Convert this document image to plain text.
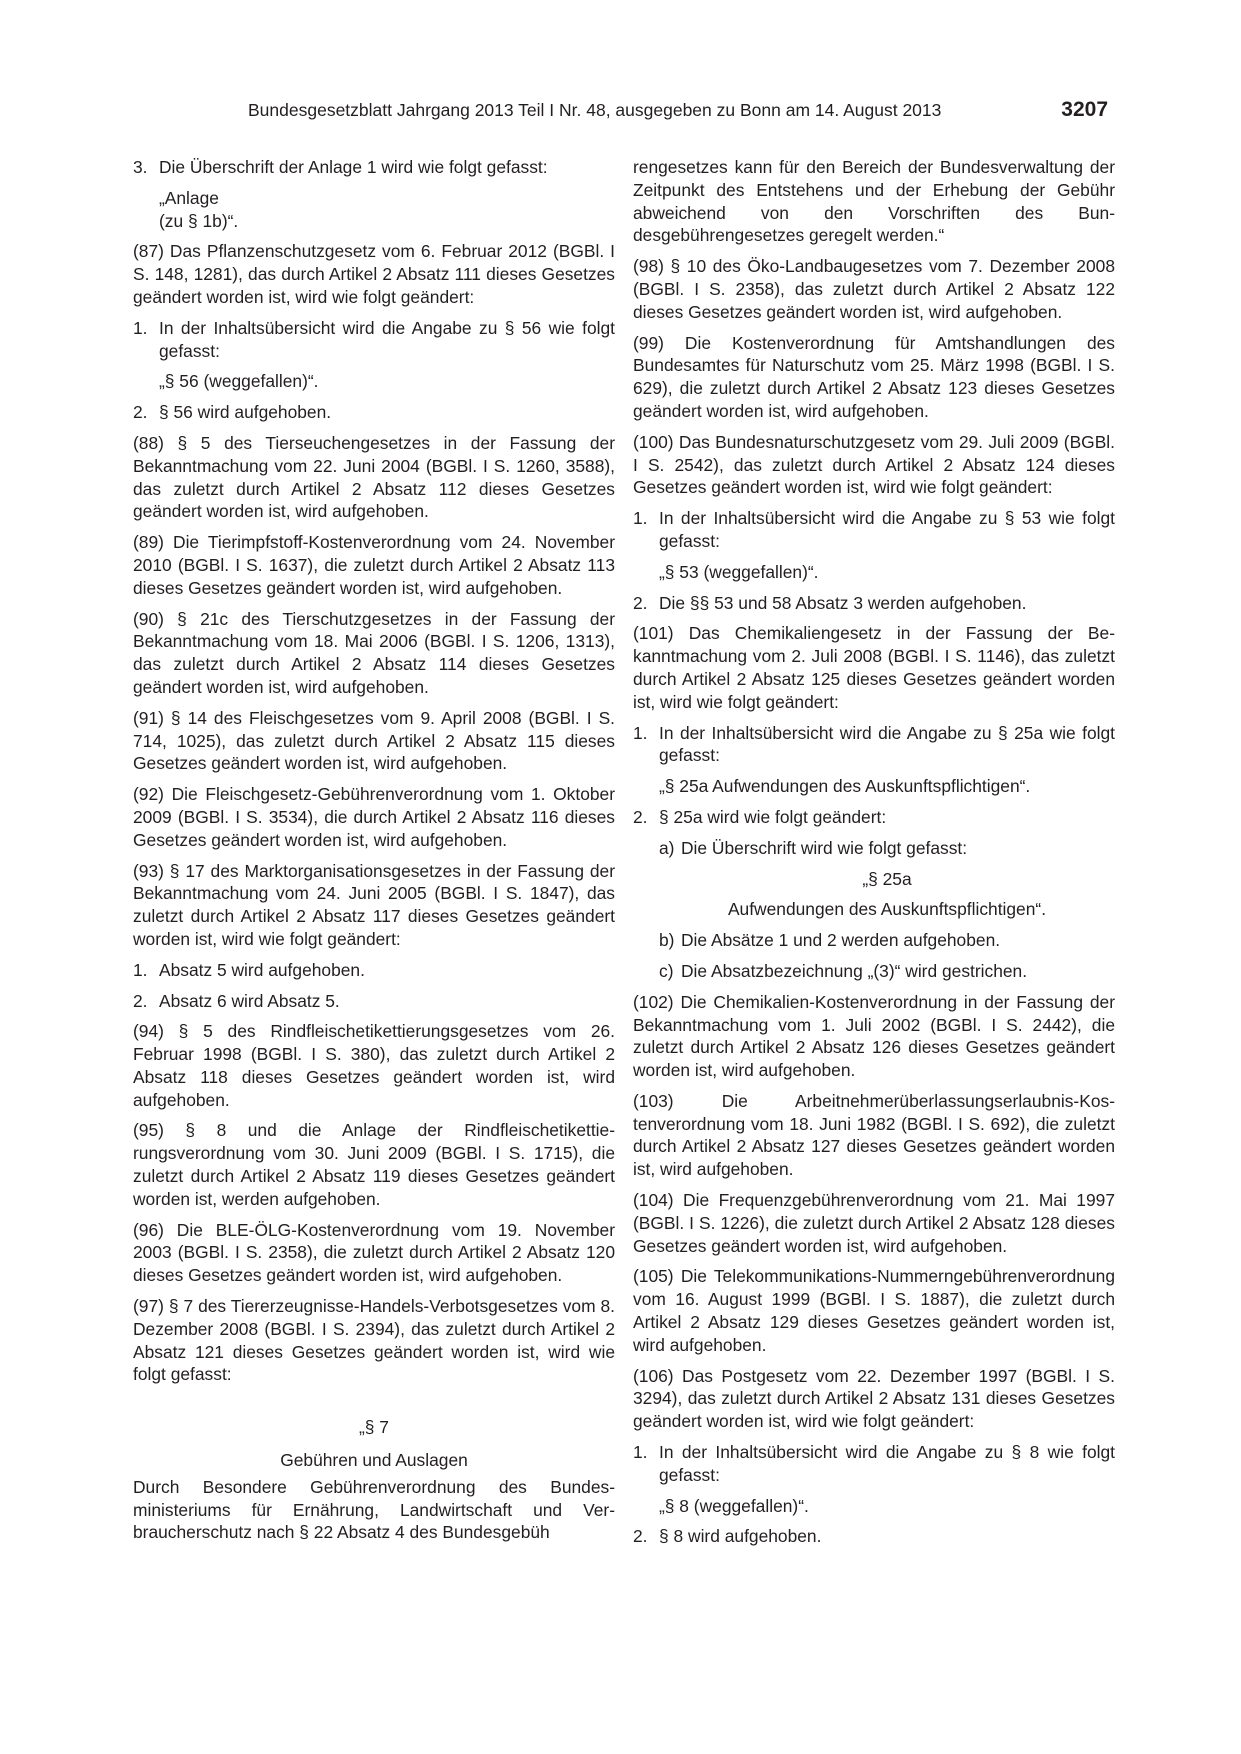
Bundesgesetzblatt Jahrgang 2013 Teil I Nr. 48, ausgegeben zu Bonn am 14. August 2013	3207

3. Die Überschrift der Anlage 1 wird wie folgt gefasst:

„Anlage

(zu § 1b)“.

(87) Das Pflanzenschutzgesetz vom 6. Februar 2012 (BGBl. I S. 148, 1281), das durch Artikel 2 Absatz 111 dieses Gesetzes geändert worden ist, wird wie folgt geändert:

1. In der Inhaltsübersicht wird die Angabe zu § 56 wie folgt gefasst:

„§ 56 (weggefallen)“.

2. § 56 wird aufgehoben.

(88) § 5 des Tierseuchengesetzes in der Fassung der Bekanntmachung vom 22. Juni 2004 (BGBl. I S. 1260, 3588), das zuletzt durch Artikel 2 Absatz 112 dieses Gesetzes geändert worden ist, wird aufgehoben.

(89) Die Tierimpfstoff-Kostenverordnung vom 24. November 2010 (BGBl. I S. 1637), die zuletzt durch Artikel 2 Absatz 113 dieses Gesetzes geändert worden ist, wird aufgehoben.

(90) § 21c des Tierschutzgesetzes in der Fassung der Bekanntmachung vom 18. Mai 2006 (BGBl. I S. 1206, 1313), das zuletzt durch Artikel 2 Absatz 114 dieses Gesetzes geändert worden ist, wird aufgehoben.

(91) § 14 des Fleischgesetzes vom 9. April 2008 (BGBl. I S. 714, 1025), das zuletzt durch Artikel 2 Absatz 115 dieses Gesetzes geändert worden ist, wird aufgehoben.

(92) Die Fleischgesetz-Gebührenverordnung vom 1. Oktober 2009 (BGBl. I S. 3534), die durch Artikel 2 Absatz 116 dieses Gesetzes geändert worden ist, wird aufgehoben.

(93) § 17 des Marktorganisationsgesetzes in der Fassung der Bekanntmachung vom 24. Juni 2005 (BGBl. I S. 1847), das zuletzt durch Artikel 2 Absatz 117 dieses Gesetzes geändert worden ist, wird wie folgt geändert:

1. Absatz 5 wird aufgehoben.

2. Absatz 6 wird Absatz 5.

(94) § 5 des Rindfleischetikettierungsgesetzes vom 26. Februar 1998 (BGBl. I S. 380), das zuletzt durch Artikel 2 Absatz 118 dieses Gesetzes geändert worden ist, wird aufgehoben.

(95) § 8 und die Anlage der Rindfleischetikettierungsverordnung vom 30. Juni 2009 (BGBl. I S. 1715), die zuletzt durch Artikel 2 Absatz 119 dieses Gesetzes geändert worden ist, werden aufgehoben.

(96) Die BLE-ÖLG-Kostenverordnung vom 19. November 2003 (BGBl. I S. 2358), die zuletzt durch Artikel 2 Absatz 120 dieses Gesetzes geändert worden ist, wird aufgehoben.

(97) § 7 des Tiererzeugnisse-Handels-Verbotsgesetzes vom 8. Dezember 2008 (BGBl. I S. 2394), das zuletzt durch Artikel 2 Absatz 121 dieses Gesetzes geändert worden ist, wird wie folgt gefasst:

„§ 7

Gebühren und Auslagen

Durch Besondere Gebührenverordnung des Bundesministeriums für Ernährung, Landwirtschaft und Verbraucherschutz nach § 22 Absatz 4 des Bundesgebüh

rengesetzes kann für den Bereich der Bundesverwaltung der Zeitpunkt des Entstehens und der Erhebung der Gebühr abweichend von den Vorschriften des Bundesgebührengesetzes geregelt werden.“

(98) § 10 des Öko-Landbaugesetzes vom 7. Dezember 2008 (BGBl. I S. 2358), das zuletzt durch Artikel 2 Absatz 122 dieses Gesetzes geändert worden ist, wird aufgehoben.

(99) Die Kostenverordnung für Amtshandlungen des Bundesamtes für Naturschutz vom 25. März 1998 (BGBl. I S. 629), die zuletzt durch Artikel 2 Absatz 123 dieses Gesetzes geändert worden ist, wird aufgehoben.

(100) Das Bundesnaturschutzgesetz vom 29. Juli 2009 (BGBl. I S. 2542), das zuletzt durch Artikel 2 Absatz 124 dieses Gesetzes geändert worden ist, wird wie folgt geändert:

1. In der Inhaltsübersicht wird die Angabe zu § 53 wie folgt gefasst:

„§ 53 (weggefallen)“.

2. Die §§ 53 und 58 Absatz 3 werden aufgehoben.

(101) Das Chemikaliengesetz in der Fassung der Bekanntmachung vom 2. Juli 2008 (BGBl. I S. 1146), das zuletzt durch Artikel 2 Absatz 125 dieses Gesetzes geändert worden ist, wird wie folgt geändert:

1. In der Inhaltsübersicht wird die Angabe zu § 25a wie folgt gefasst:

„§ 25a Aufwendungen des Auskunftspflichtigen“.

2. § 25a wird wie folgt geändert:

a) Die Überschrift wird wie folgt gefasst:

„§ 25a

Aufwendungen des Auskunftspflichtigen“.

b) Die Absätze 1 und 2 werden aufgehoben.

c) Die Absatzbezeichnung „(3)“ wird gestrichen.

(102) Die Chemikalien-Kostenverordnung in der Fassung der Bekanntmachung vom 1. Juli 2002 (BGBl. I S. 2442), die zuletzt durch Artikel 2 Absatz 126 dieses Gesetzes geändert worden ist, wird aufgehoben.

(103) Die Arbeitnehmerüberlassungserlaubnis-Kostenverordnung vom 18. Juni 1982 (BGBl. I S. 692), die zuletzt durch Artikel 2 Absatz 127 dieses Gesetzes geändert worden ist, wird aufgehoben.

(104) Die Frequenzgebührenverordnung vom 21. Mai 1997 (BGBl. I S. 1226), die zuletzt durch Artikel 2 Absatz 128 dieses Gesetzes geändert worden ist, wird aufgehoben.

(105) Die Telekommunikations-Nummerngebührenverordnung vom 16. August 1999 (BGBl. I S. 1887), die zuletzt durch Artikel 2 Absatz 129 dieses Gesetzes geändert worden ist, wird aufgehoben.

(106) Das Postgesetz vom 22. Dezember 1997 (BGBl. I S. 3294), das zuletzt durch Artikel 2 Absatz 131 dieses Gesetzes geändert worden ist, wird wie folgt geändert:

1. In der Inhaltsübersicht wird die Angabe zu § 8 wie folgt gefasst:

„§ 8 (weggefallen)“.

2. § 8 wird aufgehoben.
